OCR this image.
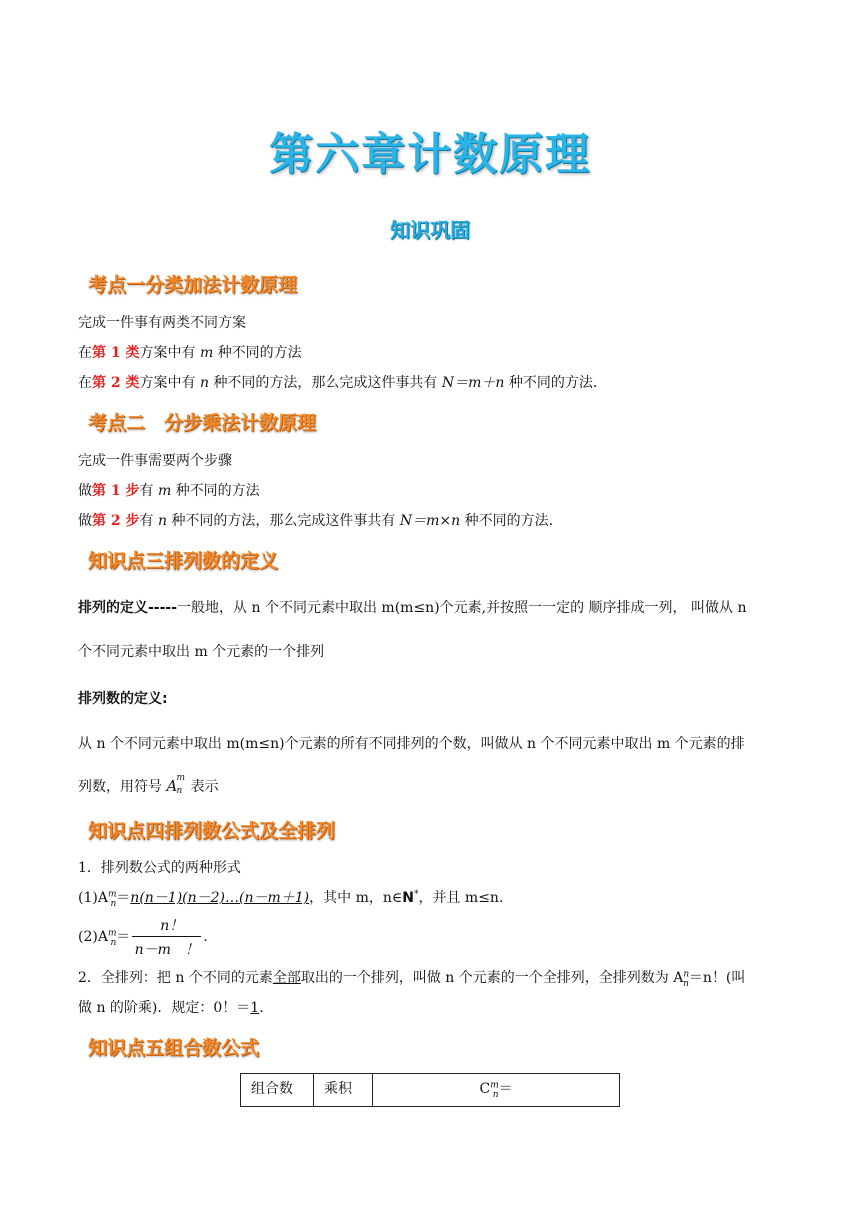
第六章计数原理
知识巩固
考点一分类加法计数原理
完成一件事有两类不同方案
在第 1 类方案中有 m 种不同的方法
在第 2 类方案中有 n 种不同的方法，那么完成这件事共有 N＝m＋n 种不同的方法．
考点二　分步乘法计数原理
完成一件事需要两个步骤
做第 1 步有 m 种不同的方法
做第 2 步有 n 种不同的方法，那么完成这件事共有 N＝m×n 种不同的方法．
知识点三排列数的定义
排列的定义-----一般地，从 n 个不同元素中取出 m(m≤n)个元素,并按照一一定的 顺序排成一列， 叫做从 n
个不同元素中取出 m 个元素的一个排列
排列数的定义:
从 n 个不同元素中取出 m(m≤n)个元素的所有不同排列的个数，叫做从 n 个不同元素中取出 m 个元素的排
列数，用符号 A m
n 表示
知识点四排列数公式及全排列
1．排列数公式的两种形式
$(1)A^m_n=n(n-1)(n-2)\dots(n-m+1)$，其中 m，n∈N*，并且 m≤n.
$(2)A^m_n= \frac{n!}{n-m !}$ .
2．全排列：把 n 个不同的元素全部取出的一个排列，叫做 n 个元素的一个全排列，全排列数为 $A^n_n=n$！(叫
做 n 的阶乘)．规定：0！＝1.
知识点五组合数公式
组合数	乘积	$C^m_n=$
